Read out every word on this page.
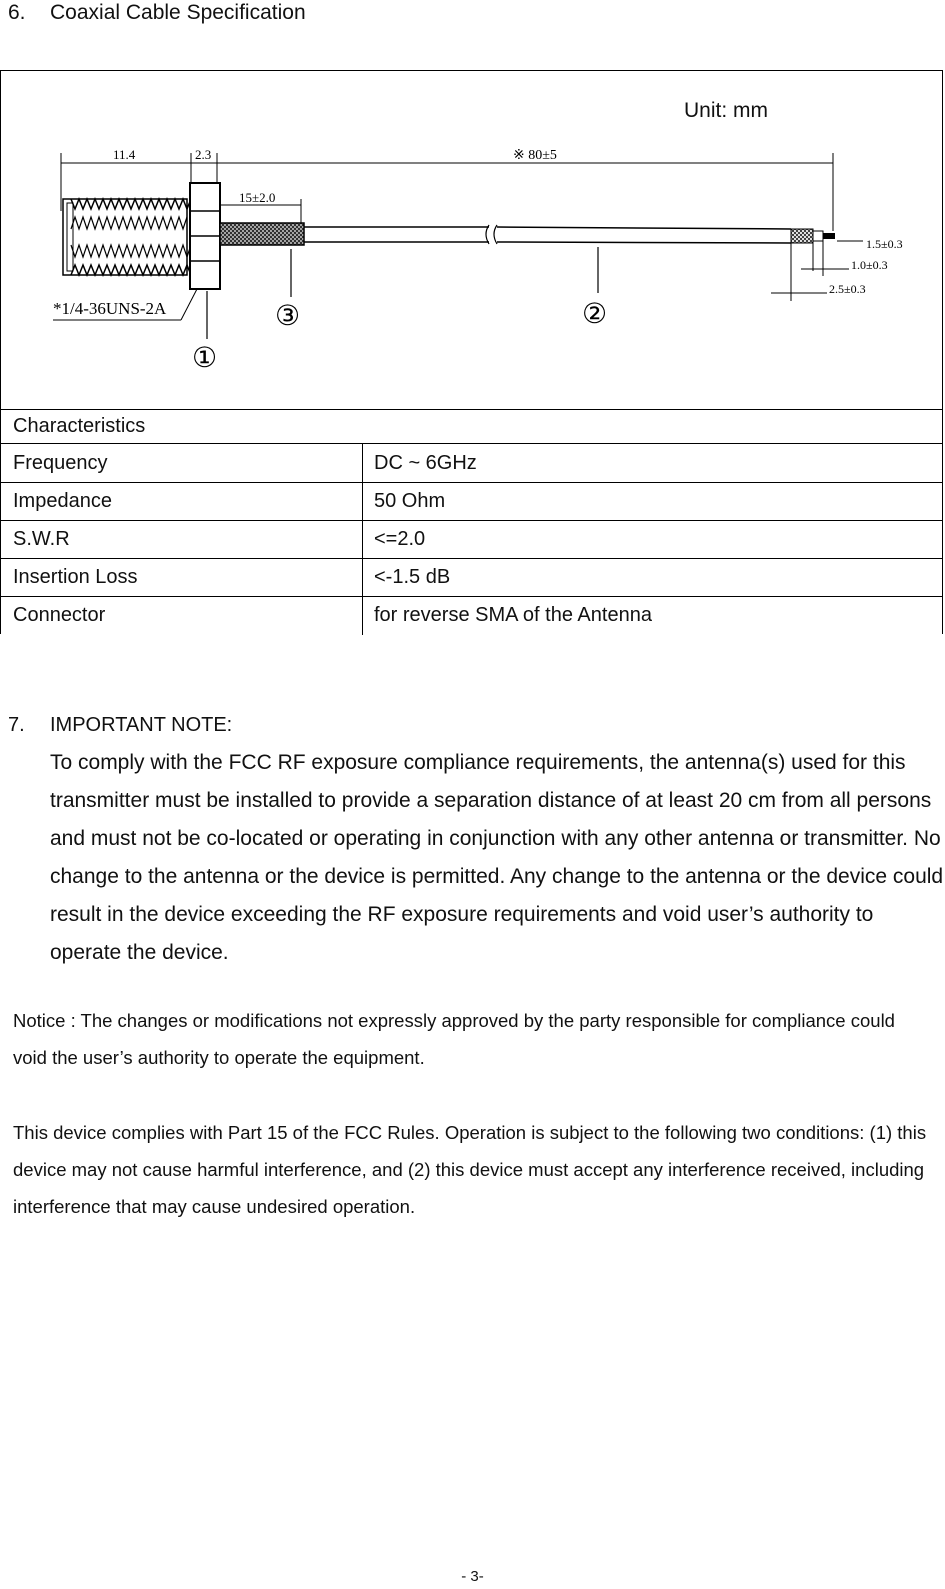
6. Coaxial Cable Specification
11.4	2.3	※ 80±5
15±2.0
1.5±0.3
1.0±0.3
2.5±0.3
*1/4-36UNS-2A
①
③	②
Unit: mm
Characteristics
Frequency	DC ~ 6GHz
Impedance	50 Ohm
S.W.R	<=2.0
Insertion Loss	<-1.5 dB
Connector	for reverse SMA of the Antenna
7. IMPORTANT NOTE:
To comply with the FCC RF exposure compliance requirements, the antenna(s) used for this transmitter must be installed to provide a separation distance of at least 20 cm from all persons and must not be co-located or operating in conjunction with any other antenna or transmitter. No change to the antenna or the device is permitted. Any change to the antenna or the device could result in the device exceeding the RF exposure requirements and void user’s authority to operate the device.
Notice : The changes or modifications not expressly approved by the party responsible for compliance could void the user’s authority to operate the equipment.
This device complies with Part 15 of the FCC Rules. Operation is subject to the following two conditions: (1) this device may not cause harmful interference, and (2) this device must accept any interference received, including interference that may cause undesired operation.
- 3-
